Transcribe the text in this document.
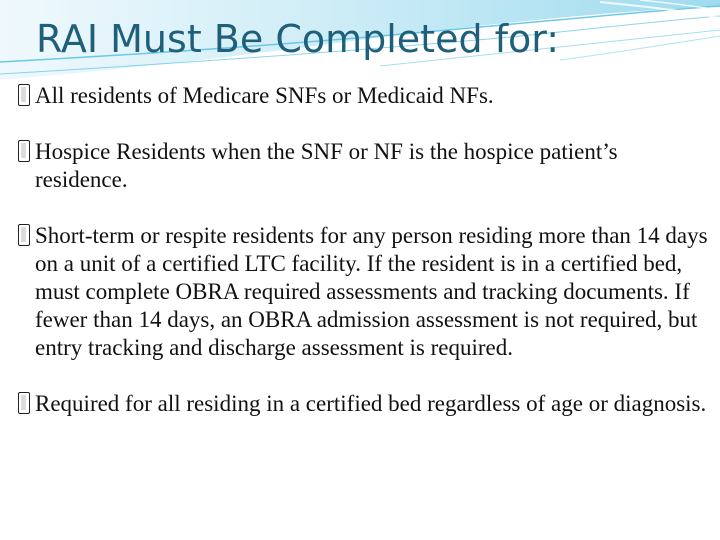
RAI Must Be Completed for:
All residents of Medicare SNFs or Medicaid NFs.
Hospice Residents when the SNF or NF is the hospice patient’s residence.
Short-term or respite residents for any person residing more than 14 days on a unit of a certified LTC facility. If the resident is in a certified bed, must complete OBRA required assessments and tracking documents. If fewer than 14 days, an OBRA admission assessment is not required, but entry tracking and discharge assessment is required.
Required for all residing in a certified bed regardless of age or diagnosis.
